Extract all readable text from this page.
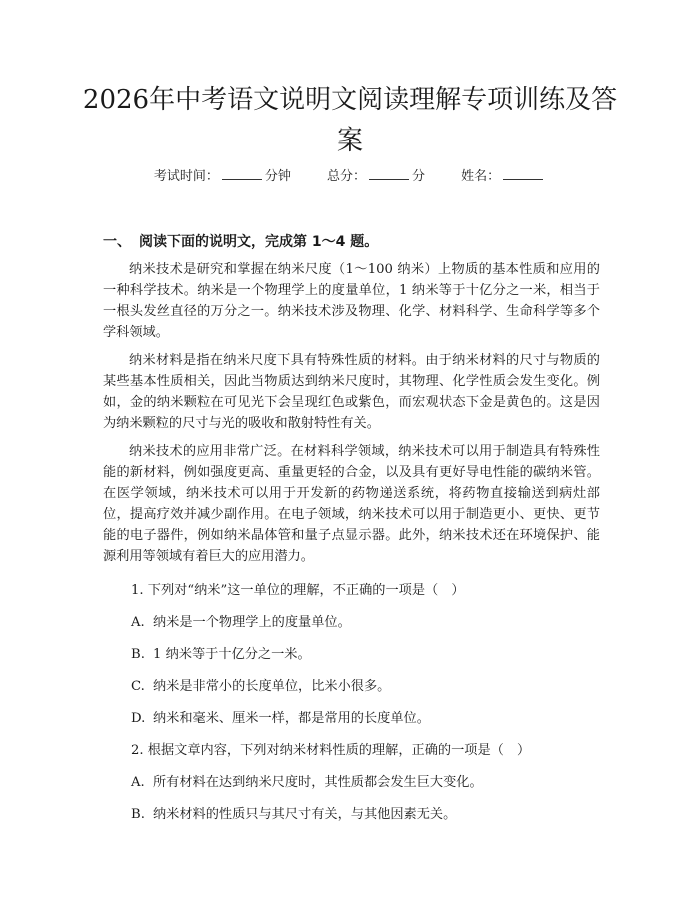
2026年中考语文说明文阅读理解专项训练及答案
考试时间：	分钟	总分：	分	姓名：
一、 阅读下面的说明文，完成第 1～4 题。

纳米技术是研究和掌握在纳米尺度（1～100 纳米）上物质的基本性质和应用的一种科学技术。纳米是一个物理学上的度量单位，1 纳米等于十亿分之一米，相当于一根头发丝直径的万分之一。纳米技术涉及物理、化学、材料科学、生命科学等多个学科领域。

纳米材料是指在纳米尺度下具有特殊性质的材料。由于纳米材料的尺寸与物质的某些基本性质相关，因此当物质达到纳米尺度时，其物理、化学性质会发生变化。例如，金的纳米颗粒在可见光下会呈现红色或紫色，而宏观状态下金是黄色的。这是因为纳米颗粒的尺寸与光的吸收和散射特性有关。

纳米技术的应用非常广泛。在材料科学领域，纳米技术可以用于制造具有特殊性能的新材料，例如强度更高、重量更轻的合金，以及具有更好导电性能的碳纳米管。在医学领域，纳米技术可以用于开发新的药物递送系统，将药物直接输送到病灶部位，提高疗效并减少副作用。在电子领域，纳米技术可以用于制造更小、更快、更节能的电子器件，例如纳米晶体管和量子点显示器。此外，纳米技术还在环境保护、能源利用等领域有着巨大的应用潜力。

1. 下列对“纳米”这一单位的理解，不正确的一项是（　）
A. 纳米是一个物理学上的度量单位。
B. 1 纳米等于十亿分之一米。
C. 纳米是非常小的长度单位，比米小很多。
D. 纳米和毫米、厘米一样，都是常用的长度单位。
2. 根据文章内容，下列对纳米材料性质的理解，正确的一项是（　）
A. 所有材料在达到纳米尺度时，其性质都会发生巨大变化。
B. 纳米材料的性质只与其尺寸有关，与其他因素无关。
